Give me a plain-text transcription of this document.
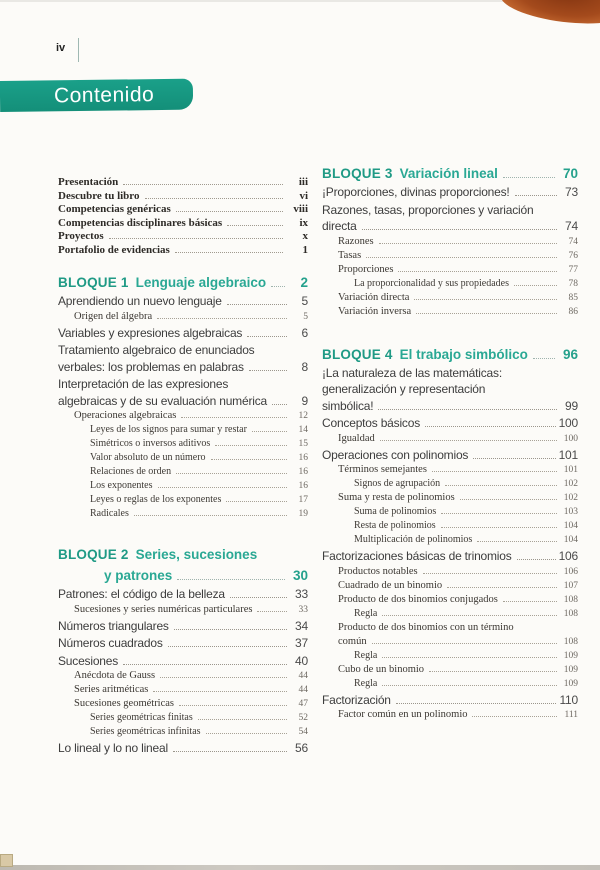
iv
Contenido
Presentación	iii
Descubre tu libro	vi
Competencias genéricas	viii
Competencias disciplinares básicas	ix
Proyectos	x
Portafolio de evidencias	1
BLOQUE 1 Lenguaje algebraico	2
Aprendiendo un nuevo lenguaje	5
Origen del álgebra	5
Variables y expresiones algebraicas	6
Tratamiento algebraico de enunciados
verbales: los problemas en palabras	8
Interpretación de las expresiones
algebraicas y de su evaluación numérica	9
Operaciones algebraicas	12
Leyes de los signos para sumar y restar	14
Simétricos o inversos aditivos	15
Valor absoluto de un número	16
Relaciones de orden	16
Los exponentes	16
Leyes o reglas de los exponentes	17
Radicales	19
BLOQUE 2 Series, sucesiones
y patrones	30
Patrones: el código de la belleza	33
Sucesiones y series numéricas particulares	33
Números triangulares	34
Números cuadrados	37
Sucesiones	40
Anécdota de Gauss	44
Series aritméticas	44
Sucesiones geométricas	47
Series geométricas finitas	52
Series geométricas infinitas	54
Lo lineal y lo no lineal	56
BLOQUE 3 Variación lineal	70
¡Proporciones, divinas proporciones!	73
Razones, tasas, proporciones y variación
directa	74
Razones	74
Tasas	76
Proporciones	77
La proporcionalidad y sus propiedades	78
Variación directa	85
Variación inversa	86
BLOQUE 4 El trabajo simbólico	96
¡La naturaleza de las matemáticas:
generalización y representación
simbólica!	99
Conceptos básicos	100
Igualdad	100
Operaciones con polinomios	101
Términos semejantes	101
Signos de agrupación	102
Suma y resta de polinomios	102
Suma de polinomios	103
Resta de polinomios	104
Multiplicación de polinomios	104
Factorizaciones básicas de trinomios	106
Productos notables	106
Cuadrado de un binomio	107
Producto de dos binomios conjugados	108
Regla	108
Producto de dos binomios con un término
común	108
Regla	109
Cubo de un binomio	109
Regla	109
Factorización	110
Factor común en un polinomio	111
